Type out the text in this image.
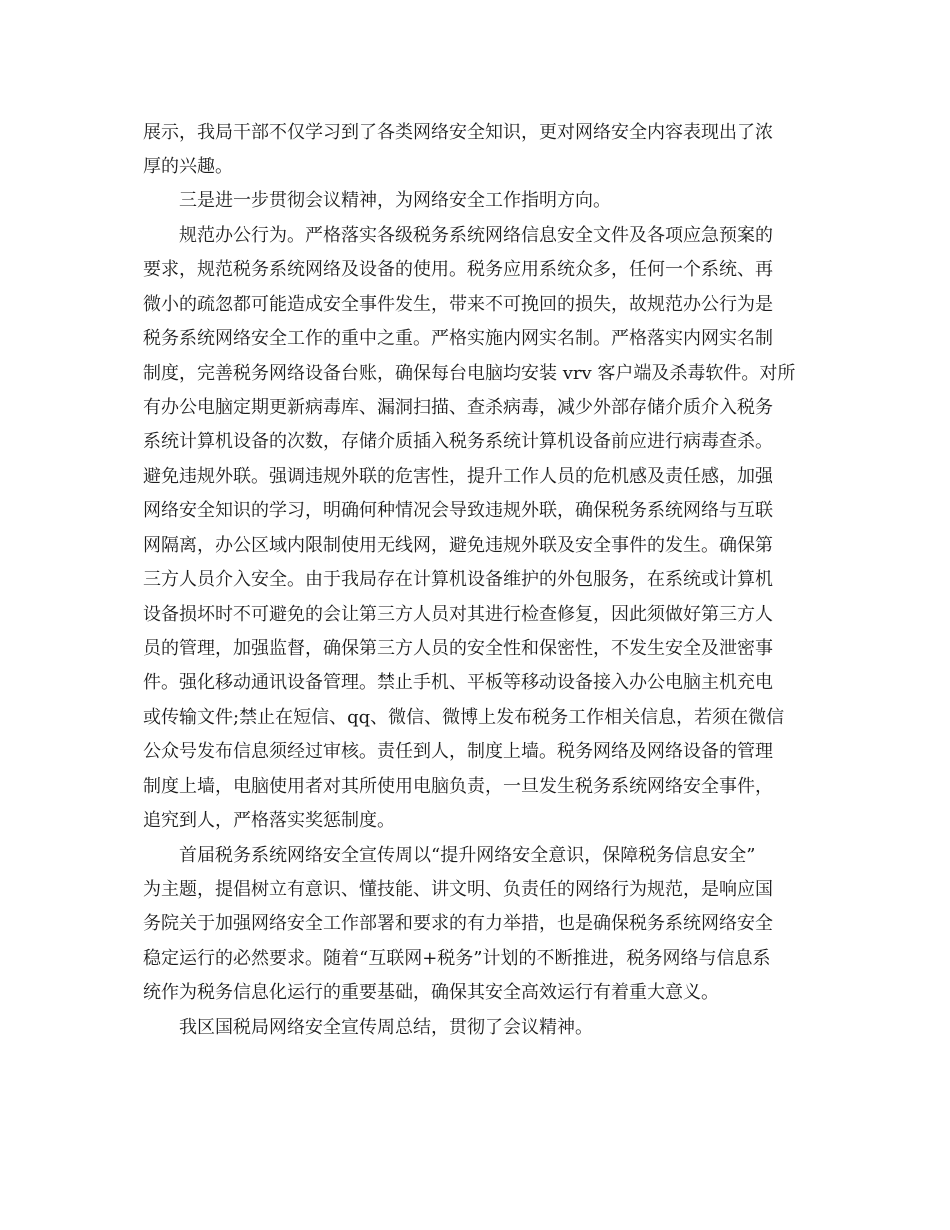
展示，我局干部不仅学习到了各类网络安全知识，更对网络安全内容表现出了浓
厚的兴趣。
三是进一步贯彻会议精神，为网络安全工作指明方向。
规范办公行为。严格落实各级税务系统网络信息安全文件及各项应急预案的
要求，规范税务系统网络及设备的使用。税务应用系统众多，任何一个系统、再
微小的疏忽都可能造成安全事件发生，带来不可挽回的损失，故规范办公行为是
税务系统网络安全工作的重中之重。严格实施内网实名制。严格落实内网实名制
制度，完善税务网络设备台账，确保每台电脑均安装 vrv 客户端及杀毒软件。对所
有办公电脑定期更新病毒库、漏洞扫描、查杀病毒，减少外部存储介质介入税务
系统计算机设备的次数，存储介质插入税务系统计算机设备前应进行病毒查杀。
避免违规外联。强调违规外联的危害性，提升工作人员的危机感及责任感，加强
网络安全知识的学习，明确何种情况会导致违规外联，确保税务系统网络与互联
网隔离，办公区域内限制使用无线网，避免违规外联及安全事件的发生。确保第
三方人员介入安全。由于我局存在计算机设备维护的外包服务，在系统或计算机
设备损坏时不可避免的会让第三方人员对其进行检查修复，因此须做好第三方人
员的管理，加强监督，确保第三方人员的安全性和保密性，不发生安全及泄密事
件。强化移动通讯设备管理。禁止手机、平板等移动设备接入办公电脑主机充电
或传输文件;禁止在短信、qq、微信、微博上发布税务工作相关信息，若须在微信
公众号发布信息须经过审核。责任到人，制度上墙。税务网络及网络设备的管理
制度上墙，电脑使用者对其所使用电脑负责，一旦发生税务系统网络安全事件，
追究到人，严格落实奖惩制度。
首届税务系统网络安全宣传周以“提升网络安全意识，保障税务信息安全”
为主题，提倡树立有意识、懂技能、讲文明、负责任的网络行为规范，是响应国
务院关于加强网络安全工作部署和要求的有力举措，也是确保税务系统网络安全
稳定运行的必然要求。随着“互联网+税务”计划的不断推进，税务网络与信息系
统作为税务信息化运行的重要基础，确保其安全高效运行有着重大意义。
我区国税局网络安全宣传周总结，贯彻了会议精神。
